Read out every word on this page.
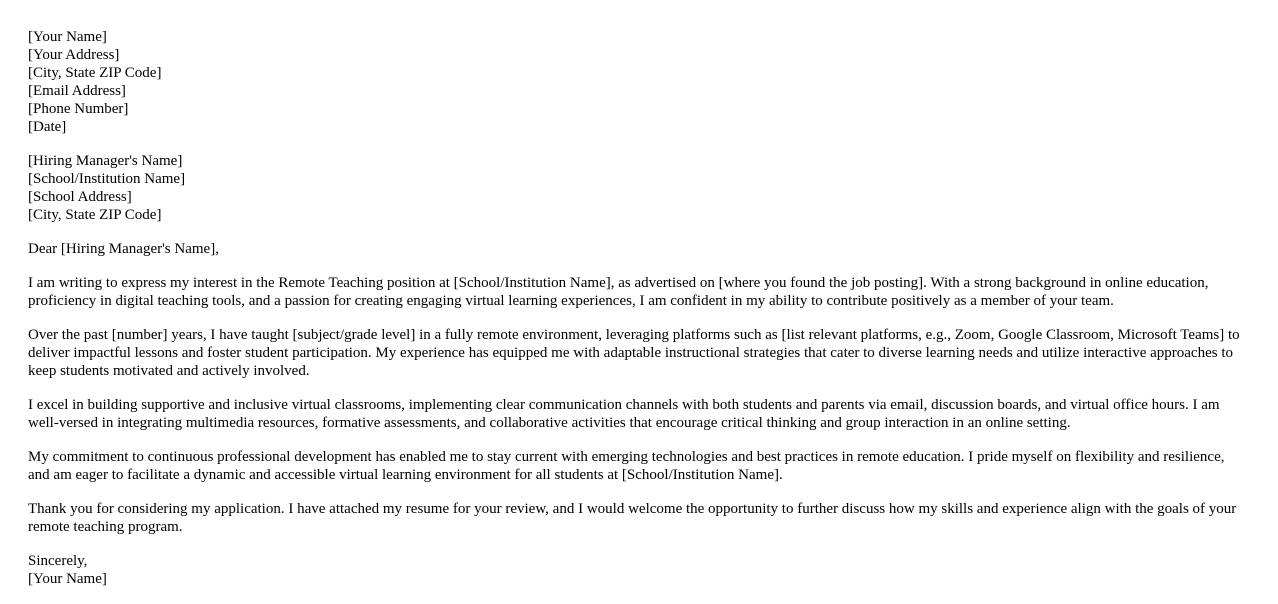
[Your Name]
[Your Address]
[City, State ZIP Code]
[Email Address]
[Phone Number]
[Date]
[Hiring Manager's Name]
[School/Institution Name]
[School Address]
[City, State ZIP Code]

Dear [Hiring Manager's Name],

I am writing to express my interest in the Remote Teaching position at [School/Institution Name], as advertised on [where you found the job posting]. With a strong background in online education, proficiency in digital teaching tools, and a passion for creating engaging virtual learning experiences, I am confident in my ability to contribute positively as a member of your team.

Over the past [number] years, I have taught [subject/grade level] in a fully remote environment, leveraging platforms such as [list relevant platforms, e.g., Zoom, Google Classroom, Microsoft Teams] to deliver impactful lessons and foster student participation. My experience has equipped me with adaptable instructional strategies that cater to diverse learning needs and utilize interactive approaches to keep students motivated and actively involved.

I excel in building supportive and inclusive virtual classrooms, implementing clear communication channels with both students and parents via email, discussion boards, and virtual office hours. I am well-versed in integrating multimedia resources, formative assessments, and collaborative activities that encourage critical thinking and group interaction in an online setting.

My commitment to continuous professional development has enabled me to stay current with emerging technologies and best practices in remote education. I pride myself on flexibility and resilience, and am eager to facilitate a dynamic and accessible virtual learning environment for all students at [School/Institution Name].

Thank you for considering my application. I have attached my resume for your review, and I would welcome the opportunity to further discuss how my skills and experience align with the goals of your remote teaching program.

Sincerely,
[Your Name]
